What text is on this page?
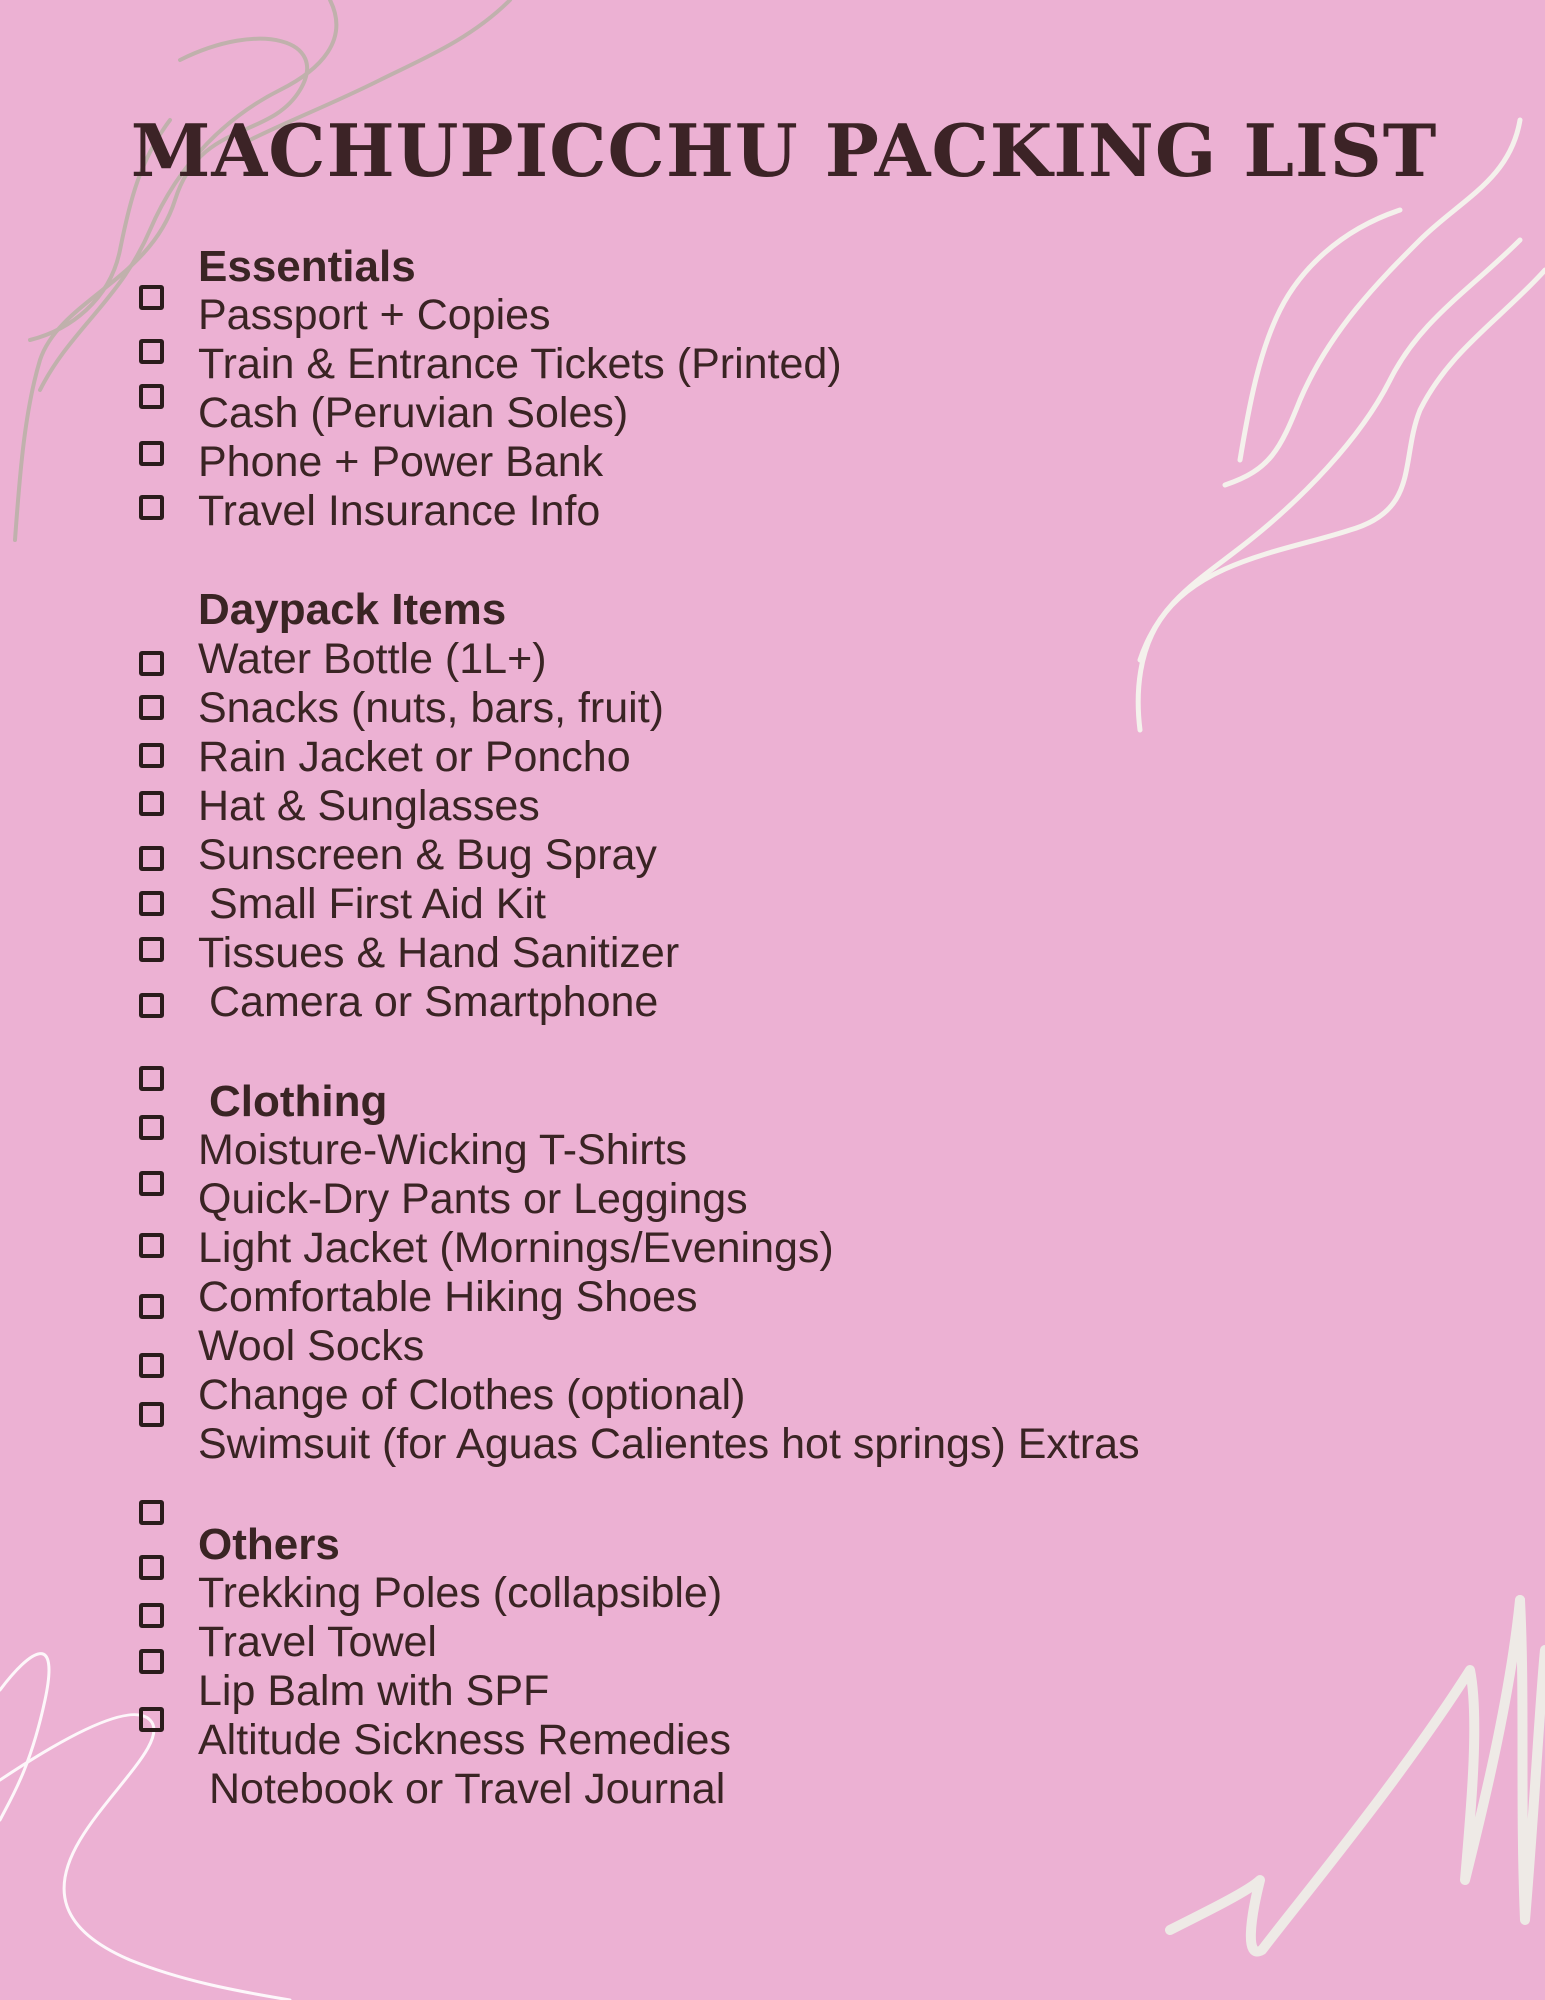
MACHUPICCHU PACKING LIST
Essentials
Passport + Copies
Train & Entrance Tickets (Printed)
Cash (Peruvian Soles)
Phone + Power Bank
Travel Insurance Info
Daypack Items
Water Bottle (1L+)
Snacks (nuts, bars, fruit)
Rain Jacket or Poncho
Hat & Sunglasses
Sunscreen & Bug Spray
Small First Aid Kit
Tissues & Hand Sanitizer
Camera or Smartphone
Clothing
Moisture-Wicking T-Shirts
Quick-Dry Pants or Leggings
Light Jacket (Mornings/Evenings)
Comfortable Hiking Shoes
Wool Socks
Change of Clothes (optional)
Swimsuit (for Aguas Calientes hot springs) Extras
Others
Trekking Poles (collapsible)
Travel Towel
Lip Balm with SPF
Altitude Sickness Remedies
Notebook or Travel Journal
